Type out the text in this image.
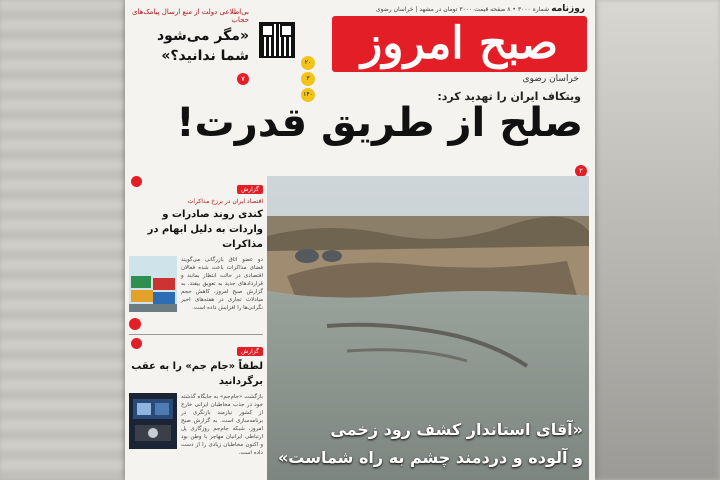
روزنامه
شماره ۳۰۰۰ • ۸ صفحه قیمت ۳۰۰۰ تومان در مشهد | خراسان رضوی
صبح امروز
خراسان رضوی
۲۰
۳
۱۴۰
بی‌اطلاعی دولت از منع ارسال پیامک‌های حجاب
«مگر می‌شود شما ندانید؟»
۷
ویتکاف ایران را تهدید کرد:
صلح از طریق قدرت!
۲
«آقای استاندار کشف رود زخمی
و آلوده و دردمند چشم به راه شماست»
گزارش
اقتصاد ایران در برزخ مذاکرات
کندی روند صادرات و واردات به دلیل ابهام در مذاکرات
دو عضو اتاق بازرگانی می‌گویند فضای مذاکرات باعث شده فعالان اقتصادی در حالت انتظار بمانند و قراردادهای جدید به تعویق بیفتد. به گزارش صبح امروز، کاهش حجم مبادلات تجاری در هفته‌های اخیر نگرانی‌ها را افزایش داده است.
گزارش
لطفاً «جام جم» را به عقب برگردانید
بازگشت «جام‌جم» به جایگاه گذشته خود در جذب مخاطبان ایرانی خارج از کشور نیازمند بازنگری در برنامه‌سازی است. به گزارش صبح امروز، شبکه جام‌جم روزگاری پل ارتباطی ایرانیان مهاجر با وطن بود و اکنون مخاطبان زیادی را از دست داده است.
